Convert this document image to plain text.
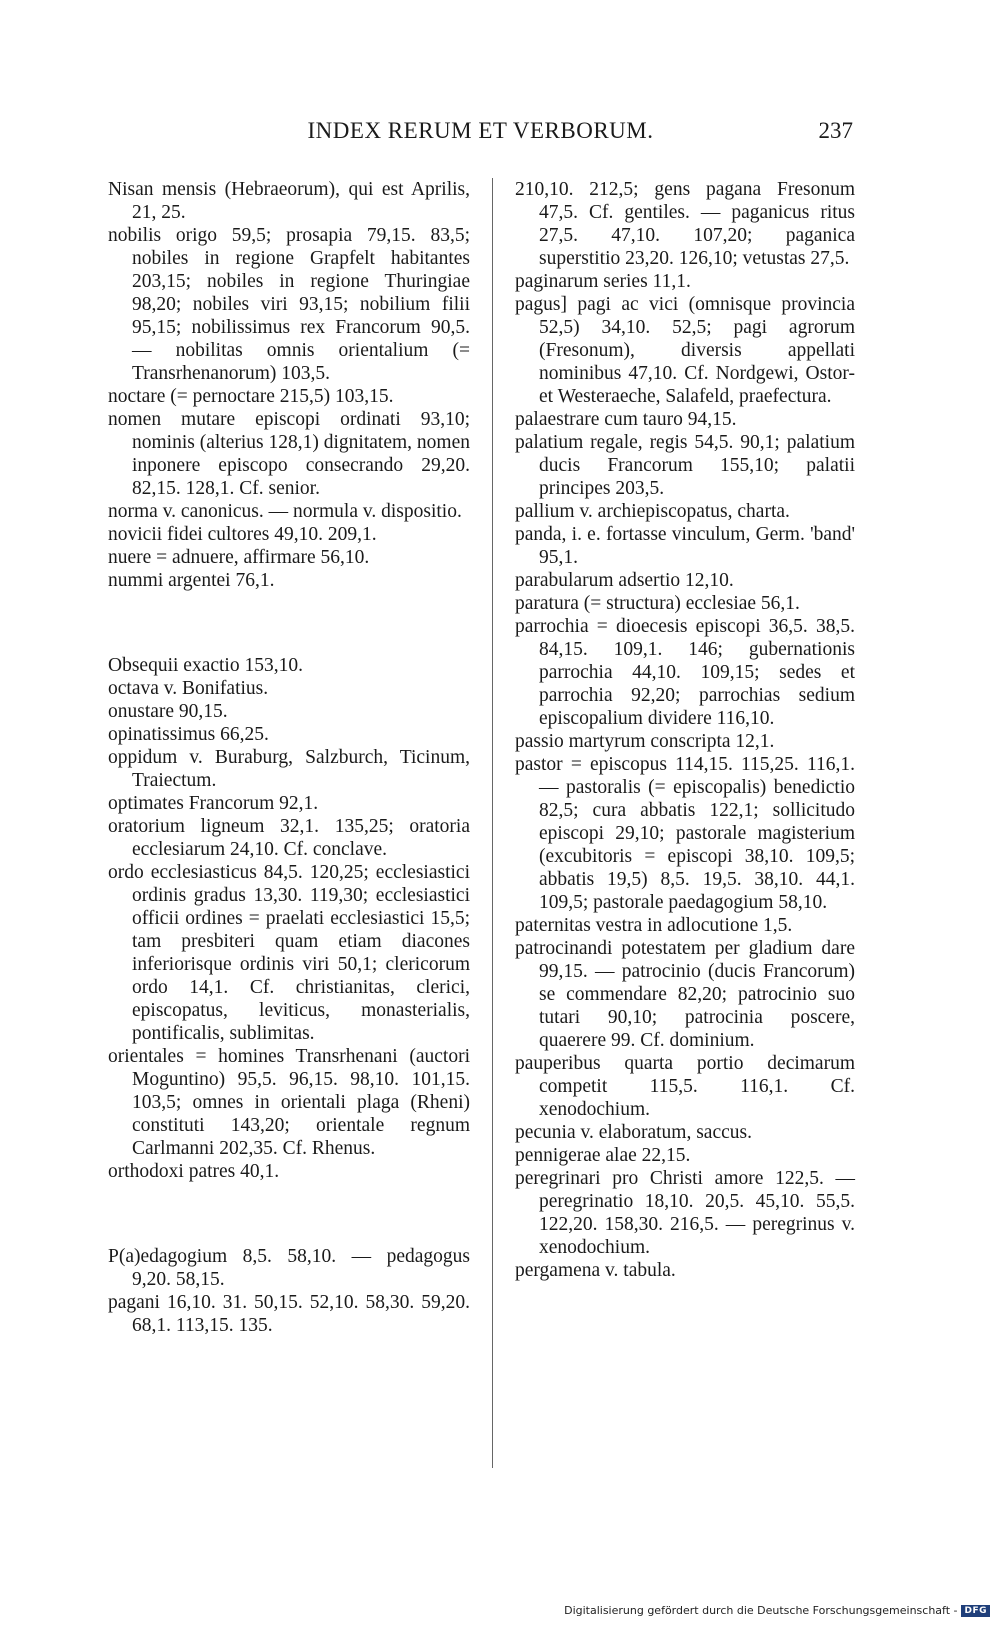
INDEX RERUM ET VERBORUM.	237

Nisan mensis (Hebraeorum), qui est Aprilis, 21, 25.

nobilis origo 59,5; prosapia 79,15. 83,5; nobiles in regione Grapfelt habitantes 203,15; nobiles in regione Thuringiae 98,20; nobiles viri 93,15; nobilium filii 95,15; nobilissimus rex Francorum 90,5. — nobilitas omnis orientalium (= Transrhenanorum) 103,5.

noctare (= pernoctare 215,5) 103,15.

nomen mutare episcopi ordinati 93,10; nominis (alterius 128,1) dignitatem, nomen inponere episcopo consecrando 29,20. 82,15. 128,1. Cf. senior.

norma v. canonicus. — normula v. dispositio.

novicii fidei cultores 49,10. 209,1.

nuere = adnuere, affirmare 56,10.

nummi argentei 76,1.

Obsequii exactio 153,10.

octava v. Bonifatius.

onustare 90,15.

opinatissimus 66,25.

oppidum v. Buraburg, Salzburch, Ticinum, Traiectum.

optimates Francorum 92,1.

oratorium ligneum 32,1. 135,25; oratoria ecclesiarum 24,10. Cf. conclave.

ordo ecclesiasticus 84,5. 120,25; ecclesiastici ordinis gradus 13,30. 119,30; ecclesiastici officii ordines = praelati ecclesiastici 15,5; tam presbiteri quam etiam diacones inferiorisque ordinis viri 50,1; clericorum ordo 14,1. Cf. christianitas, clerici, episcopatus, leviticus, monasterialis, pontificalis, sublimitas.

orientales = homines Transrhenani (auctori Moguntino) 95,5. 96,15. 98,10. 101,15. 103,5; omnes in orientali plaga (Rheni) constituti 143,20; orientale regnum Carlmanni 202,35. Cf. Rhenus.

orthodoxi patres 40,1.

P(a)edagogium 8,5. 58,10. — pedagogus 9,20. 58,15.

pagani 16,10. 31. 50,15. 52,10. 58,30. 59,20. 68,1. 113,15. 135.

210,10. 212,5; gens pagana Fresonum 47,5. Cf. gentiles. — paganicus ritus 27,5. 47,10. 107,20; paganica superstitio 23,20. 126,10; vetustas 27,5.

paginarum series 11,1.

pagus] pagi ac vici (omnisque provincia 52,5) 34,10. 52,5; pagi agrorum (Fresonum), diversis appellati nominibus 47,10. Cf. Nordgewi, Ostor- et Westeraeche, Salafeld, praefectura.

palaestrare cum tauro 94,15.

palatium regale, regis 54,5. 90,1; palatium ducis Francorum 155,10; palatii principes 203,5.

pallium v. archiepiscopatus, charta.

panda, i. e. fortasse vinculum, Germ. 'band' 95,1.

parabularum adsertio 12,10.

paratura (= structura) ecclesiae 56,1.

parrochia = dioecesis episcopi 36,5. 38,5. 84,15. 109,1. 146; gubernationis parrochia 44,10. 109,15; sedes et parrochia 92,20; parrochias sedium episcopalium dividere 116,10.

passio martyrum conscripta 12,1.

pastor = episcopus 114,15. 115,25. 116,1. — pastoralis (= episcopalis) benedictio 82,5; cura abbatis 122,1; sollicitudo episcopi 29,10; pastorale magisterium (excubitoris = episcopi 38,10. 109,5; abbatis 19,5) 8,5. 19,5. 38,10. 44,1. 109,5; pastorale paedagogium 58,10.

paternitas vestra in adlocutione 1,5.

patrocinandi potestatem per gladium dare 99,15. — patrocinio (ducis Francorum) se commendare 82,20; patrocinio suo tutari 90,10; patrocinia poscere, quaerere 99. Cf. dominium.

pauperibus quarta portio decimarum competit 115,5. 116,1. Cf. xenodochium.

pecunia v. elaboratum, saccus.

pennigerae alae 22,15.

peregrinari pro Christi amore 122,5. — peregrinatio 18,10. 20,5. 45,10. 55,5. 122,20. 158,30. 216,5. — peregrinus v. xenodochium.

pergamena v. tabula.

Digitalisierung gefördert durch die Deutsche Forschungsgemeinschaft - DFG
